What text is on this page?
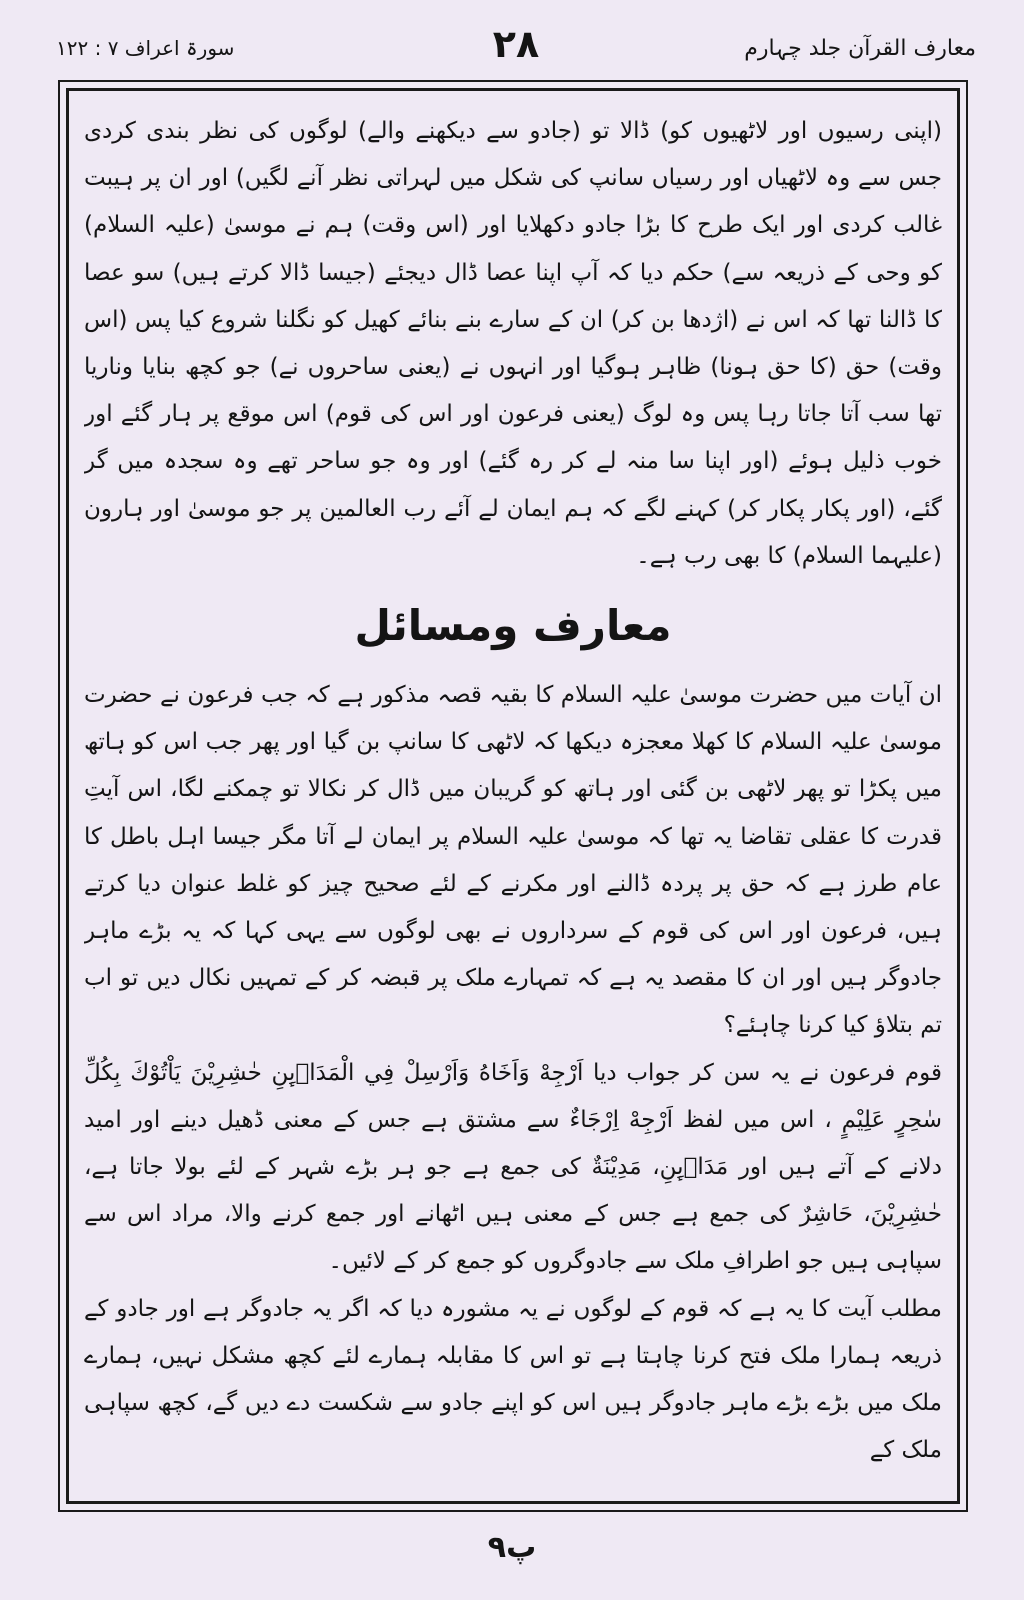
معارف القرآن جلد چہارم
۲۸
سورۃ اعراف ۷ : ۱۲۲

(اپنی رسیوں اور لاٹھیوں کو) ڈالا تو (جادو سے دیکھنے والے) لوگوں کی نظر بندی کردی جس سے وہ لاٹھیاں اور رسیاں سانپ کی شکل میں لہراتی نظر آنے لگیں) اور ان پر ہیبت غالب کردی اور ایک طرح کا بڑا جادو دکھلایا اور (اس وقت) ہم نے موسیٰ (علیہ السلام) کو وحی کے ذریعہ سے) حکم دیا کہ آپ اپنا عصا ڈال دیجئے (جیسا ڈالا کرتے ہیں) سو عصا کا ڈالنا تھا کہ اس نے (اژدھا بن کر) ان کے سارے بنے بنائے کھیل کو نگلنا شروع کیا پس (اس وقت) حق (کا حق ہونا) ظاہر ہوگیا اور انہوں نے (یعنی ساحروں نے) جو کچھ بنایا وناریا تھا سب آتا جاتا رہا پس وہ لوگ (یعنی فرعون اور اس کی قوم) اس موقع پر ہار گئے اور خوب ذلیل ہوئے (اور اپنا سا منہ لے کر رہ گئے) اور وہ جو ساحر تھے وہ سجدہ میں گر گئے، (اور پکار پکار کر) کہنے لگے کہ ہم ایمان لے آئے رب العالمین پر جو موسیٰ اور ہارون (علیہما السلام) کا بھی رب ہے۔

معارف ومسائل

ان آیات میں حضرت موسیٰ علیہ السلام کا بقیہ قصہ مذکور ہے کہ جب فرعون نے حضرت موسیٰ علیہ السلام کا کھلا معجزہ دیکھا کہ لاٹھی کا سانپ بن گیا اور پھر جب اس کو ہاتھ میں پکڑا تو پھر لاٹھی بن گئی اور ہاتھ کو گریبان میں ڈال کر نکالا تو چمکنے لگا، اس آیتِ قدرت کا عقلی تقاضا یہ تھا کہ موسیٰ علیہ السلام پر ایمان لے آتا مگر جیسا اہل باطل کا عام طرز ہے کہ حق پر پردہ ڈالنے اور مکرنے کے لئے صحیح چیز کو غلط عنوان دیا کرتے ہیں، فرعون اور اس کی قوم کے سرداروں نے بھی لوگوں سے یہی کہا کہ یہ بڑے ماہر جادوگر ہیں اور ان کا مقصد یہ ہے کہ تمہارے ملک پر قبضہ کر کے تمہیں نکال دیں تو اب تم بتلاؤ کیا کرنا چاہئے؟

قوم فرعون نے یہ سن کر جواب دیا اَرْجِهْ وَاَخَاهُ وَاَرْسِلْ فِي الْمَدَاۗىِٕنِ حٰشِرِيْنَ يَاْتُوْكَ بِكُلِّ سٰحِرٍ عَلِيْمٍ ، اس میں لفظ اَرْجِهْ اِرْجَاءٌ سے مشتق ہے جس کے معنی ڈھیل دینے اور امید دلانے کے آتے ہیں اور مَدَاۗىِٕنِ، مَدِيْنَةٌ کی جمع ہے جو ہر بڑے شہر کے لئے بولا جاتا ہے، حٰشِرِيْنَ، حَاشِرٌ کی جمع ہے جس کے معنی ہیں اٹھانے اور جمع کرنے والا، مراد اس سے سپاہی ہیں جو اطرافِ ملک سے جادوگروں کو جمع کر کے لائیں۔

مطلب آیت کا یہ ہے کہ قوم کے لوگوں نے یہ مشورہ دیا کہ اگر یہ جادوگر ہے اور جادو کے ذریعہ ہمارا ملک فتح کرنا چاہتا ہے تو اس کا مقابلہ ہمارے لئے کچھ مشکل نہیں، ہمارے ملک میں بڑے بڑے ماہر جادوگر ہیں اس کو اپنے جادو سے شکست دے دیں گے، کچھ سپاہی ملک کے

۹پ
